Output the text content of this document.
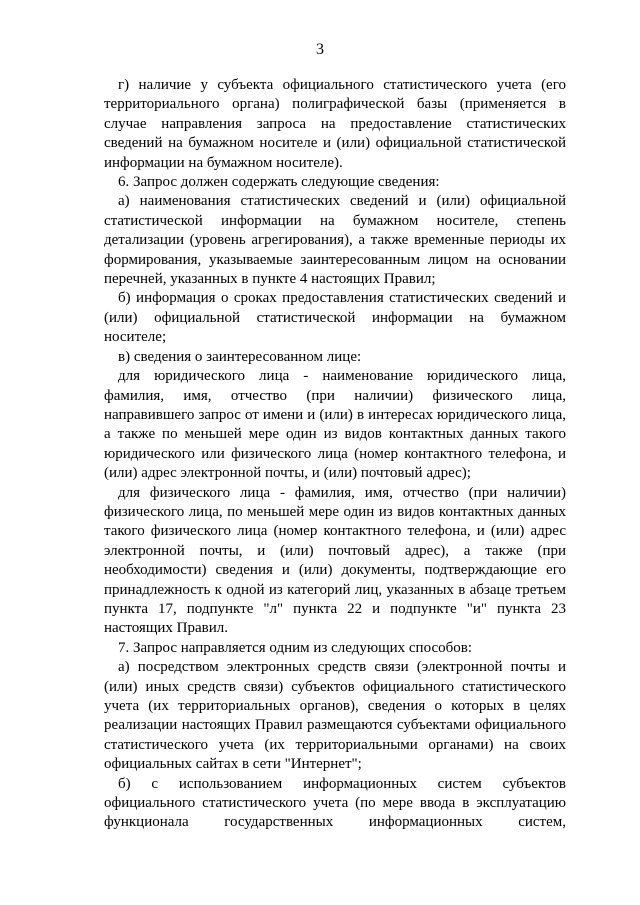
3

г) наличие у субъекта официального статистического учета (его территориального органа) полиграфической базы (применяется в случае направления запроса на предоставление статистических сведений на бумажном носителе и (или) официальной статистической информации на бумажном носителе).

6. Запрос должен содержать следующие сведения:

а) наименования статистических сведений и (или) официальной статистической информации на бумажном носителе, степень детализации (уровень агрегирования), а также временные периоды их формирования, указываемые заинтересованным лицом на основании перечней, указанных в пункте 4 настоящих Правил;

б) информация о сроках предоставления статистических сведений и (или) официальной статистической информации на бумажном носителе;

в) сведения о заинтересованном лице:

для юридического лица - наименование юридического лица, фамилия, имя, отчество (при наличии) физического лица, направившего запрос от имени и (или) в интересах юридического лица, а также по меньшей мере один из видов контактных данных такого юридического или физического лица (номер контактного телефона, и (или) адрес электронной почты, и (или) почтовый адрес);

для физического лица - фамилия, имя, отчество (при наличии) физического лица, по меньшей мере один из видов контактных данных такого физического лица (номер контактного телефона, и (или) адрес электронной почты, и (или) почтовый адрес), а также (при необходимости) сведения и (или) документы, подтверждающие его принадлежность к одной из категорий лиц, указанных в абзаце третьем пункта 17, подпункте "л" пункта 22 и подпункте "и" пункта 23 настоящих Правил.

7. Запрос направляется одним из следующих способов:

а) посредством электронных средств связи (электронной почты и (или) иных средств связи) субъектов официального статистического учета (их территориальных органов), сведения о которых в целях реализации настоящих Правил размещаются субъектами официального статистического учета (их территориальными органами) на своих официальных сайтах в сети "Интернет";

б) с использованием информационных систем субъектов официального статистического учета (по мере ввода в эксплуатацию функционала государственных информационных систем,
